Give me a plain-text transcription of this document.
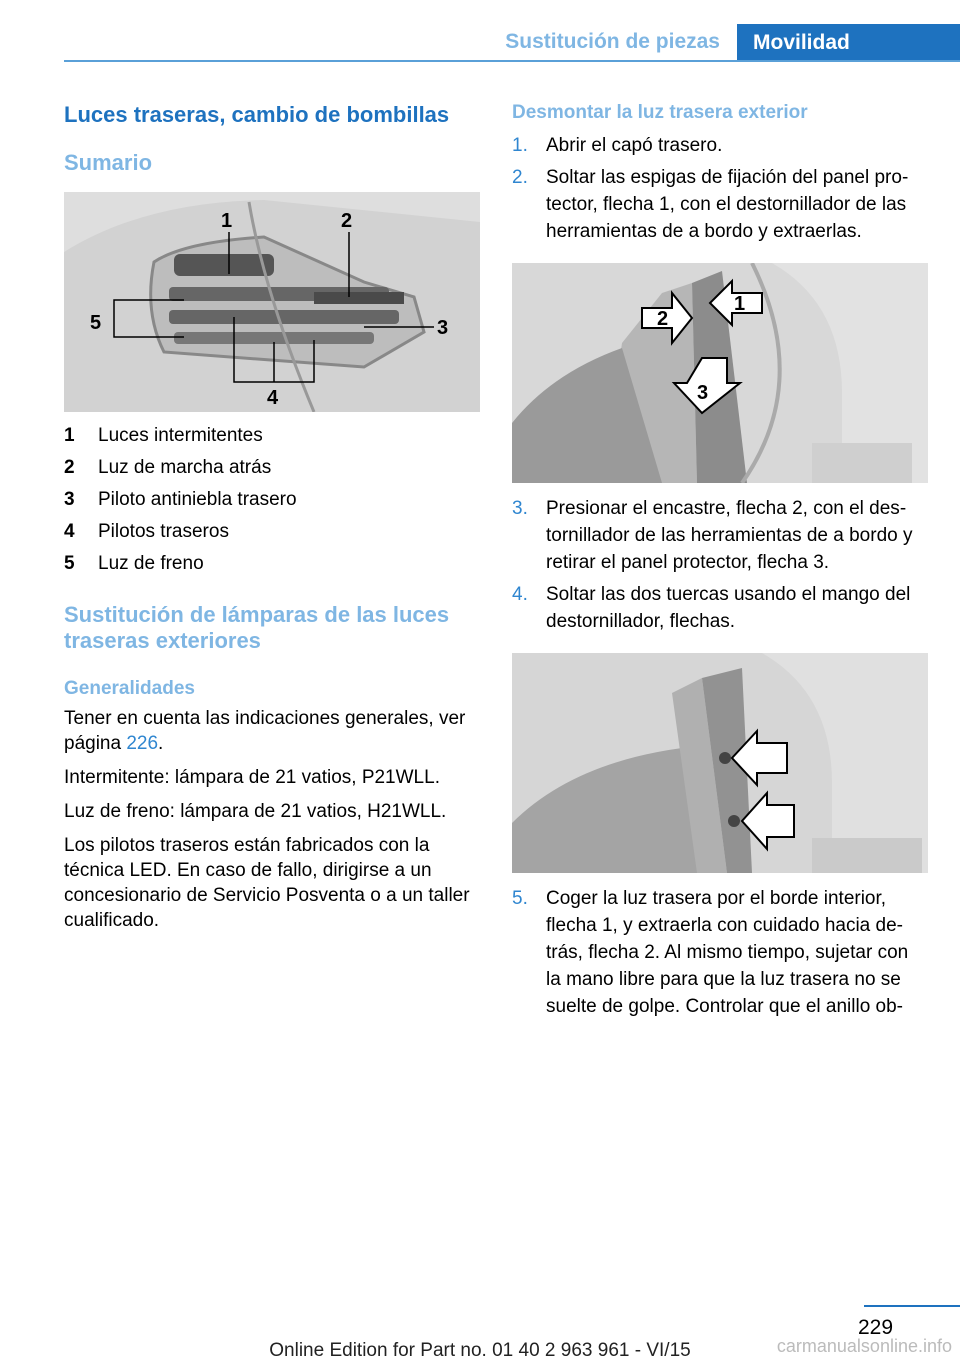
Sustitución de piezas	Movilidad
Luces traseras, cambio de bombillas
Sumario
1	2
3
4
5
1	Luces intermitentes
2	Luz de marcha atrás
3	Piloto antiniebla trasero
4	Pilotos traseros
5	Luz de freno
Sustitución de lámparas de las luces
traseras exteriores
Generalidades

Tener en cuenta las indicaciones generales, ver página 226.

Intermitente: lámpara de 21 vatios, P21WLL.

Luz de freno: lámpara de 21 vatios, H21WLL.

Los pilotos traseros están fabricados con la técnica LED. En caso de fallo, dirigirse a un concesionario de Servicio Posventa o a un taller cualificado.

Desmontar la luz trasera exterior
1. Abrir el capó trasero.
2. Soltar las espigas de fijación del panel protector, flecha 1, con el destornillador de las herramientas de a bordo y extraerlas.
1
2
3
3. Presionar el encastre, flecha 2, con el destornillador de las herramientas de a bordo y retirar el panel protector, flecha 3.
4. Soltar las dos tuercas usando el mango del destornillador, flechas.
5. Coger la luz trasera por el borde interior, flecha 1, y extraerla con cuidado hacia detrás, flecha 2. Al mismo tiempo, sujetar con la mano libre para que la luz trasera no se suelte de golpe. Controlar que el anillo ob-
229
Online Edition for Part no. 01 40 2 963 961 - VI/15	carmanualsonline.info
